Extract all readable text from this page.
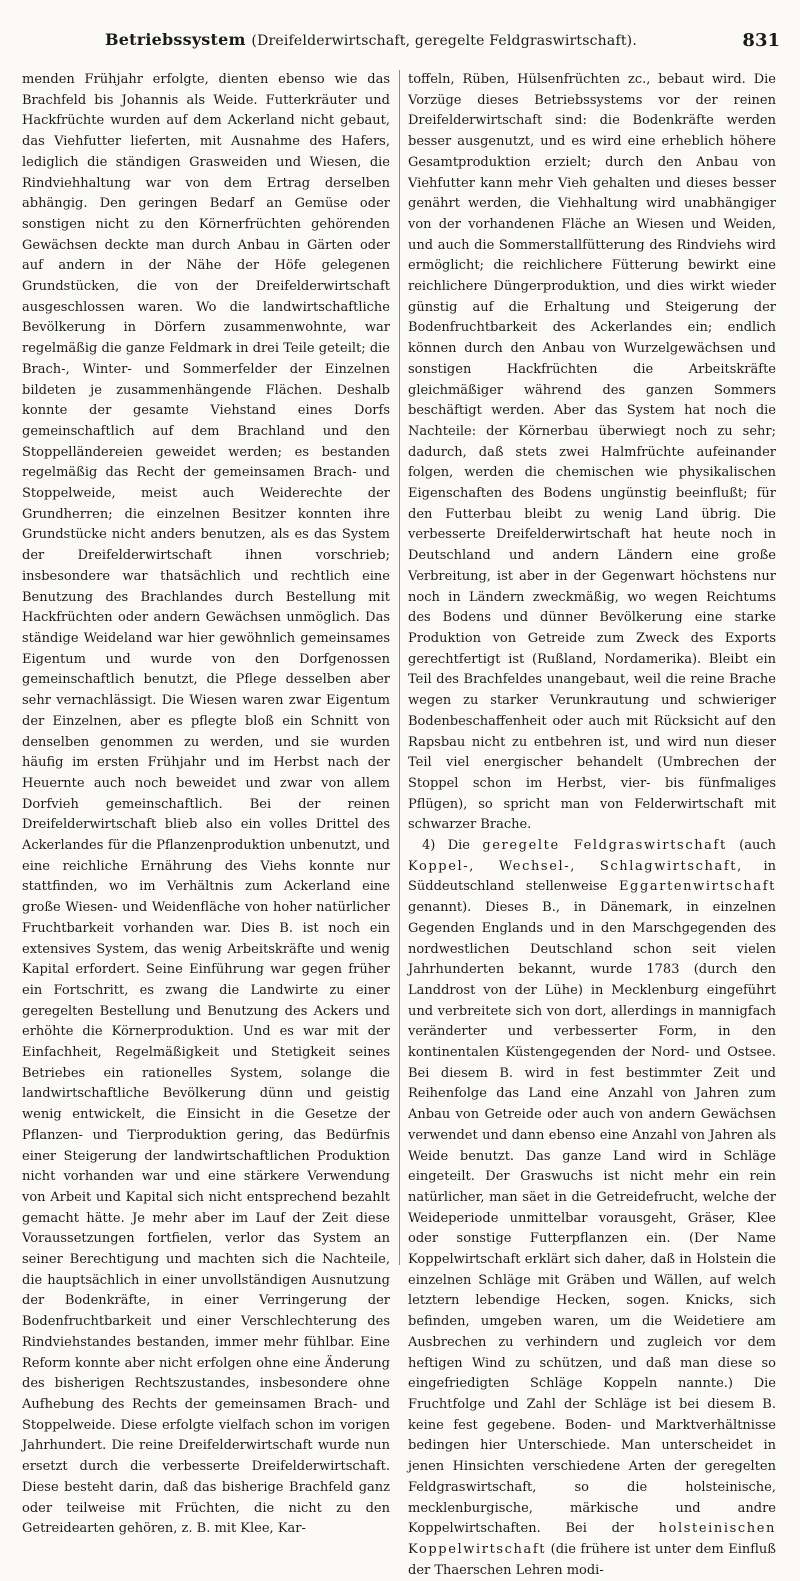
Betriebssystem (Dreifelderwirtschaft, geregelte Feldgraswirtschaft).	831

menden Frühjahr erfolgte, dienten ebenso wie das Brachfeld bis Johannis als Weide. Futterkräuter und Hackfrüchte wurden auf dem Ackerland nicht gebaut, das Viehfutter lieferten, mit Ausnahme des Hafers, lediglich die ständigen Grasweiden und Wiesen, die Rindviehhaltung war von dem Ertrag derselben abhängig. Den geringen Bedarf an Gemüse oder sonstigen nicht zu den Körnerfrüchten gehörenden Gewächsen deckte man durch Anbau in Gärten oder auf andern in der Nähe der Höfe gelegenen Grundstücken, die von der Dreifelderwirtschaft ausgeschlossen waren. Wo die landwirtschaftliche Bevölkerung in Dörfern zusammenwohnte, war regelmäßig die ganze Feldmark in drei Teile geteilt; die Brach-, Winter- und Sommerfelder der Einzelnen bildeten je zusammenhängende Flächen. Deshalb konnte der gesamte Viehstand eines Dorfs gemeinschaftlich auf dem Brachland und den Stoppelländereien geweidet werden; es bestanden regelmäßig das Recht der gemeinsamen Brach- und Stoppelweide, meist auch Weiderechte der Grundherren; die einzelnen Besitzer konnten ihre Grundstücke nicht anders benutzen, als es das System der Dreifelderwirtschaft ihnen vorschrieb; insbesondere war thatsächlich und rechtlich eine Benutzung des Brachlandes durch Bestellung mit Hackfrüchten oder andern Gewächsen unmöglich. Das ständige Weideland war hier gewöhnlich gemeinsames Eigentum und wurde von den Dorfgenossen gemeinschaftlich benutzt, die Pflege desselben aber sehr vernachlässigt. Die Wiesen waren zwar Eigentum der Einzelnen, aber es pflegte bloß ein Schnitt von denselben genommen zu werden, und sie wurden häufig im ersten Frühjahr und im Herbst nach der Heuernte auch noch beweidet und zwar von allem Dorfvieh gemeinschaftlich. Bei der reinen Dreifelderwirtschaft blieb also ein volles Drittel des Ackerlandes für die Pflanzenproduktion unbenutzt, und eine reichliche Ernährung des Viehs konnte nur stattfinden, wo im Verhältnis zum Ackerland eine große Wiesen- und Weidenfläche von hoher natürlicher Fruchtbarkeit vorhanden war. Dies B. ist noch ein extensives System, das wenig Arbeitskräfte und wenig Kapital erfordert. Seine Einführung war gegen früher ein Fortschritt, es zwang die Landwirte zu einer geregelten Bestellung und Benutzung des Ackers und erhöhte die Körnerproduktion. Und es war mit der Einfachheit, Regelmäßigkeit und Stetigkeit seines Betriebes ein rationelles System, solange die landwirtschaftliche Bevölkerung dünn und geistig wenig entwickelt, die Einsicht in die Gesetze der Pflanzen- und Tierproduktion gering, das Bedürfnis einer Steigerung der landwirtschaftlichen Produktion nicht vorhanden war und eine stärkere Verwendung von Arbeit und Kapital sich nicht entsprechend bezahlt gemacht hätte. Je mehr aber im Lauf der Zeit diese Voraussetzungen fortfielen, verlor das System an seiner Berechtigung und machten sich die Nachteile, die hauptsächlich in einer unvollständigen Ausnutzung der Bodenkräfte, in einer Verringerung der Bodenfruchtbarkeit und einer Verschlechterung des Rindviehstandes bestanden, immer mehr fühlbar. Eine Reform konnte aber nicht erfolgen ohne eine Änderung des bisherigen Rechtszustandes, insbesondere ohne Aufhebung des Rechts der gemeinsamen Brach- und Stoppelweide. Diese erfolgte vielfach schon im vorigen Jahrhundert. Die reine Dreifelderwirtschaft wurde nun ersetzt durch die verbesserte Dreifelderwirtschaft. Diese besteht darin, daß das bisherige Brachfeld ganz oder teilweise mit Früchten, die nicht zu den Getreidearten gehören, z. B. mit Klee, Kar-

toffeln, Rüben, Hülsenfrüchten zc., bebaut wird. Die Vorzüge dieses Betriebssystems vor der reinen Dreifelderwirtschaft sind: die Bodenkräfte werden besser ausgenutzt, und es wird eine erheblich höhere Gesamtproduktion erzielt; durch den Anbau von Viehfutter kann mehr Vieh gehalten und dieses besser genährt werden, die Viehhaltung wird unabhängiger von der vorhandenen Fläche an Wiesen und Weiden, und auch die Sommerstallfütterung des Rindviehs wird ermöglicht; die reichlichere Fütterung bewirkt eine reichlichere Düngerproduktion, und dies wirkt wieder günstig auf die Erhaltung und Steigerung der Bodenfruchtbarkeit des Ackerlandes ein; endlich können durch den Anbau von Wurzelgewächsen und sonstigen Hackfrüchten die Arbeitskräfte gleichmäßiger während des ganzen Sommers beschäftigt werden. Aber das System hat noch die Nachteile: der Körnerbau überwiegt noch zu sehr; dadurch, daß stets zwei Halmfrüchte aufeinander folgen, werden die chemischen wie physikalischen Eigenschaften des Bodens ungünstig beeinflußt; für den Futterbau bleibt zu wenig Land übrig. Die verbesserte Dreifelderwirtschaft hat heute noch in Deutschland und andern Ländern eine große Verbreitung, ist aber in der Gegenwart höchstens nur noch in Ländern zweckmäßig, wo wegen Reichtums des Bodens und dünner Bevölkerung eine starke Produktion von Getreide zum Zweck des Exports gerechtfertigt ist (Rußland, Nordamerika). Bleibt ein Teil des Brachfeldes unangebaut, weil die reine Brache wegen zu starker Verunkrautung und schwieriger Bodenbeschaffenheit oder auch mit Rücksicht auf den Rapsbau nicht zu entbehren ist, und wird nun dieser Teil viel energischer behandelt (Umbrechen der Stoppel schon im Herbst, vier- bis fünfmaliges Pflügen), so spricht man von Felderwirtschaft mit schwarzer Brache.

4) Die geregelte Feldgraswirtschaft (auch Koppel-, Wechsel-, Schlagwirtschaft, in Süddeutschland stellenweise Eggartenwirtschaft genannt). Dieses B., in Dänemark, in einzelnen Gegenden Englands und in den Marschgegenden des nordwestlichen Deutschland schon seit vielen Jahrhunderten bekannt, wurde 1783 (durch den Landdrost von der Lühe) in Mecklenburg eingeführt und verbreitete sich von dort, allerdings in mannigfach veränderter und verbesserter Form, in den kontinentalen Küstengegenden der Nord- und Ostsee. Bei diesem B. wird in fest bestimmter Zeit und Reihenfolge das Land eine Anzahl von Jahren zum Anbau von Getreide oder auch von andern Gewächsen verwendet und dann ebenso eine Anzahl von Jahren als Weide benutzt. Das ganze Land wird in Schläge eingeteilt. Der Graswuchs ist nicht mehr ein rein natürlicher, man säet in die Getreidefrucht, welche der Weideperiode unmittelbar vorausgeht, Gräser, Klee oder sonstige Futterpflanzen ein. (Der Name Koppelwirtschaft erklärt sich daher, daß in Holstein die einzelnen Schläge mit Gräben und Wällen, auf welch letztern lebendige Hecken, sogen. Knicks, sich befinden, umgeben waren, um die Weidetiere am Ausbrechen zu verhindern und zugleich vor dem heftigen Wind zu schützen, und daß man diese so eingefriedigten Schläge Koppeln nannte.) Die Fruchtfolge und Zahl der Schläge ist bei diesem B. keine fest gegebene. Boden- und Marktverhältnisse bedingen hier Unterschiede. Man unterscheidet in jenen Hinsichten verschiedene Arten der geregelten Feldgraswirtschaft, so die holsteinische, mecklenburgische, märkische und andre Koppelwirtschaften. Bei der holsteinischen Koppelwirtschaft (die frühere ist unter dem Einfluß der Thaerschen Lehren modi-
